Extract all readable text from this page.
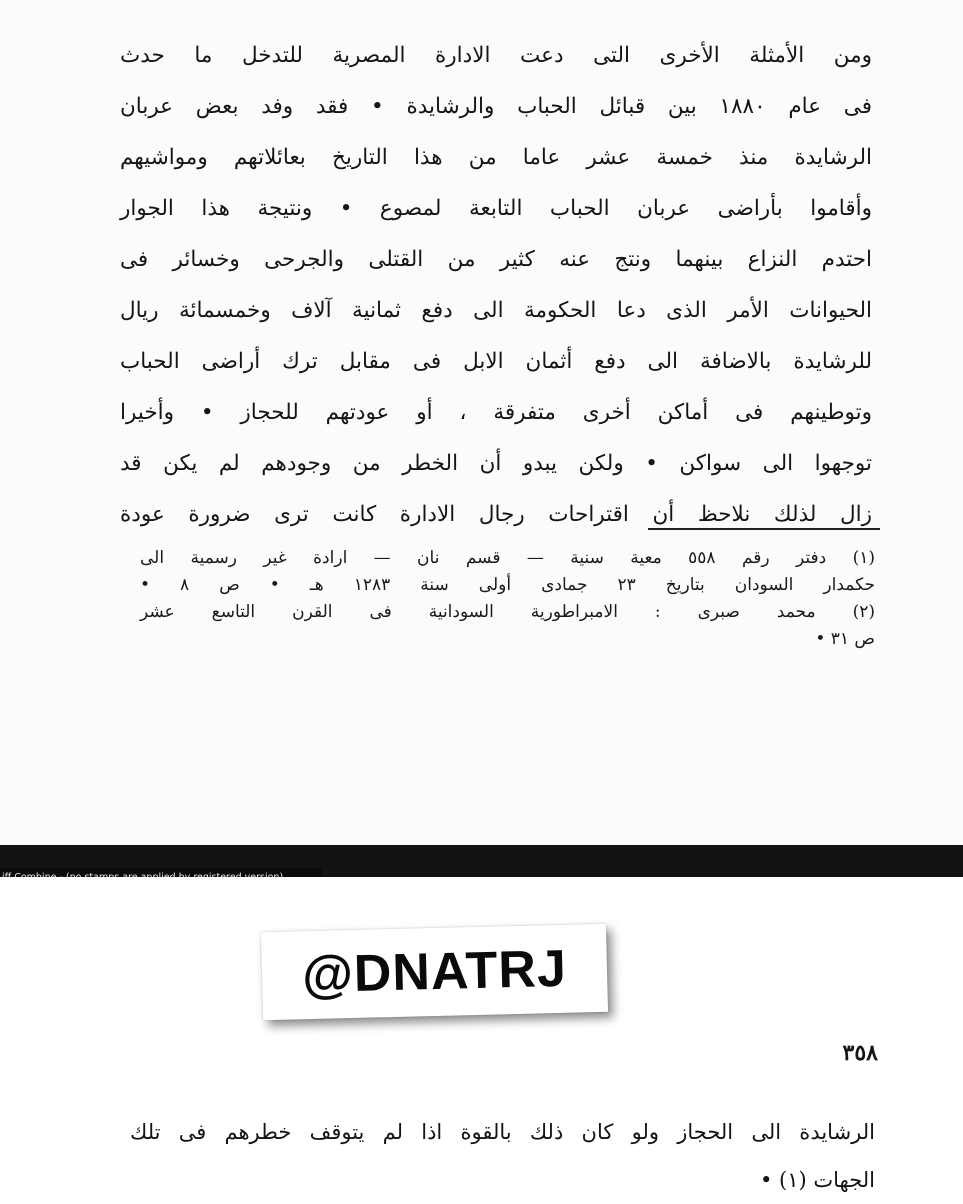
ومن الأمثلة الأخرى التى دعت الادارة المصرية للتدخل ما حدث
فى عام ١٨٨٠ بين قبائل الحباب والرشايدة • فقد وفد بعض عربان
الرشايدة منذ خمسة عشر عاما من هذا التاريخ بعائلاتهم ومواشيهم
وأقاموا بأراضى عربان الحباب التابعة لمصوع • ونتيجة هذا الجوار
احتدم النزاع بينهما ونتج عنه كثير من القتلى والجرحى وخسائر فى
الحيوانات الأمر الذى دعا الحكومة الى دفع ثمانية آلاف وخمسمائة ريال
للرشايدة بالاضافة الى دفع أثمان الابل فى مقابل ترك أراضى الحباب
وتوطينهم فى أماكن أخرى متفرقة ، أو عودتهم للحجاز • وأخيرا
توجهوا الى سواكن • ولكن يبدو أن الخطر من وجودهم لم يكن قد
زال لذلك نلاحظ أن اقتراحات رجال الادارة كانت ترى ضرورة عودة
(١) دفتر رقم ٥٥٨ معية سنية — قسم نان — ارادة غير رسمية الى
حكمدار السودان بتاريخ ٢٣ جمادى أولى سنة ١٢٨٣ هـ • ص ٨ •
(٢) محمد صبرى : الامبراطورية السودانية فى القرن التاسع عشر
ص ٣١ •
@DNATRJ
٣٥٨
الرشايدة الى الحجاز ولو كان ذلك بالقوة اذا لم يتوقف خطرهم فى تلك
الجهات (١) •
